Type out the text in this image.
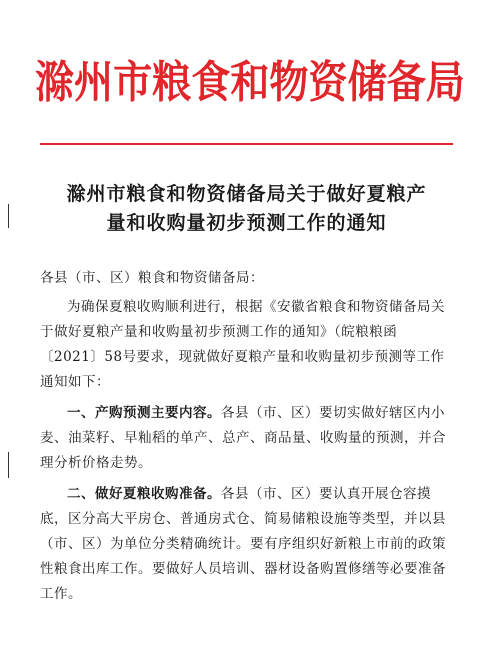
滁州市粮食和物资储备局
滁州市粮食和物资储备局关于做好夏粮产
量和收购量初步预测工作的通知

各县（市、区）粮食和物资储备局：

为确保夏粮收购顺利进行，根据《安徽省粮食和物资储备局关于做好夏粮产量和收购量初步预测工作的通知》（皖粮粮函〔2021〕58号要求，现就做好夏粮产量和收购量初步预测等工作通知如下：

一、产购预测主要内容。各县（市、区）要切实做好辖区内小麦、油菜籽、早籼稻的单产、总产、商品量、收购量的预测，并合理分析价格走势。

二、做好夏粮收购准备。各县（市、区）要认真开展仓容摸底，区分高大平房仓、普通房式仓、简易储粮设施等类型，并以县（市、区）为单位分类精确统计。要有序组织好新粮上市前的政策性粮食出库工作。要做好人员培训、器材设备购置修缮等必要准备工作。
